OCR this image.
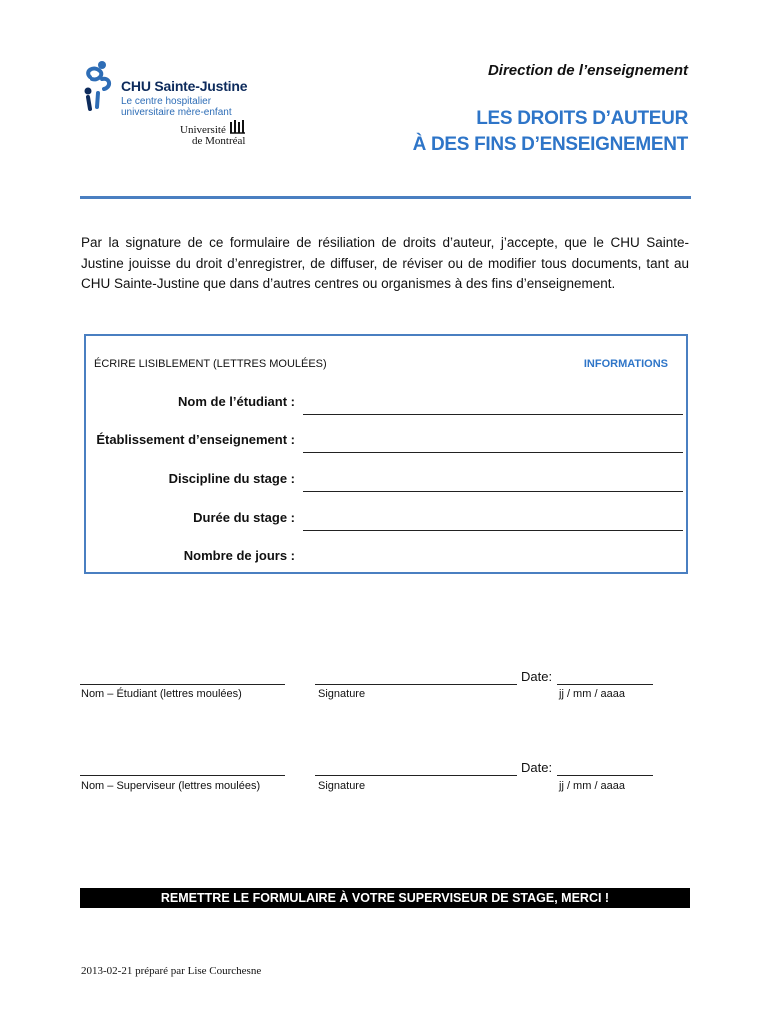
CHU Sainte-Justine
Le centre hospitalier
universitaire mère-enfant
Université
de Montréal
Direction de l’enseignement
LES DROITS D’AUTEUR
À DES FINS D’ENSEIGNEMENT
Par la signature de ce formulaire de résiliation de droits d’auteur, j’accepte, que le CHU Sainte-Justine jouisse du droit d’enregistrer, de diffuser, de réviser ou de modifier tous documents, tant au CHU Sainte-Justine que dans d’autres centres ou organismes à des fins d’enseignement.
ÉCRIRE LISIBLEMENT (LETTRES MOULÉES)	INFORMATIONS
Nom de l’étudiant :
Établissement d’enseignement :
Discipline du stage :
Durée du stage :
Nombre de jours :
Date:
Nom – Étudiant (lettres moulées)	Signature	jj / mm / aaaa
Date:
Nom – Superviseur (lettres moulées)	Signature	jj / mm / aaaa
REMETTRE LE FORMULAIRE À VOTRE SUPERVISEUR DE STAGE, MERCI !
2013-02-21 préparé par Lise Courchesne
